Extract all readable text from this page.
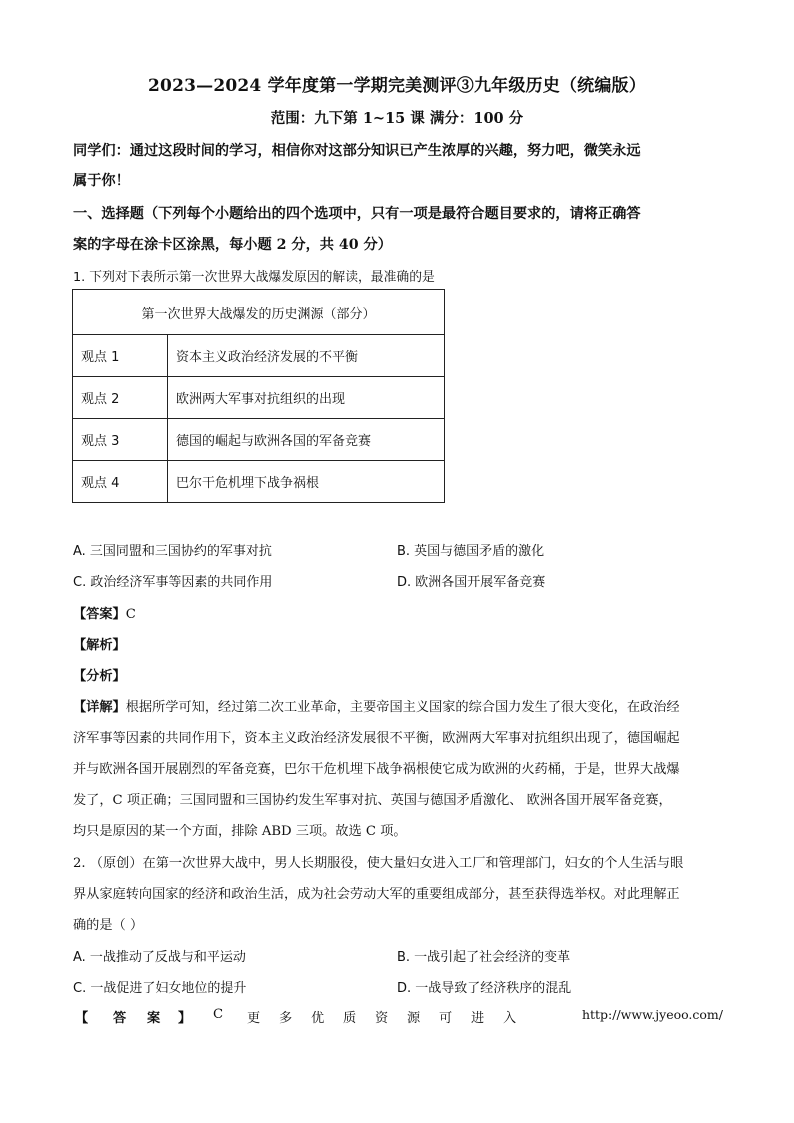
2023—2024 学年度第一学期完美测评③九年级历史（统编版）
范围：九下第 1~15 课 满分：100 分
同学们：通过这段时间的学习，相信你对这部分知识已产生浓厚的兴趣，努力吧，微笑永远
属于你！
一、选择题（下列每个小题给出的四个选项中，只有一项是最符合题目要求的，请将正确答
案的字母在涂卡区涂黑，每小题 2 分，共 40 分）
1. 下列对下表所示第一次世界大战爆发原因的解读，最准确的是
第一次世界大战爆发的历史渊源（部分）	
观点 1	资本主义政治经济发展的不平衡
观点 2	欧洲两大军事对抗组织的出现
观点 3	德国的崛起与欧洲各国的军备竞赛
观点 4	巴尔干危机埋下战争祸根
A. 三国同盟和三国协约的军事对抗	B. 英国与德国矛盾的激化
C. 政治经济军事等因素的共同作用	D. 欧洲各国开展军备竞赛
【答案】C
【解析】
【分析】
【详解】根据所学可知，经过第二次工业革命，主要帝国主义国家的综合国力发生了很大变化，在政治经
济军事等因素的共同作用下，资本主义政治经济发展很不平衡，欧洲两大军事对抗组织出现了，德国崛起
并与欧洲各国开展剧烈的军备竞赛，巴尔干危机埋下战争祸根使它成为欧洲的火药桶，于是，世界大战爆
发了，C 项正确；三国同盟和三国协约发生军事对抗、英国与德国矛盾激化、 欧洲各国开展军备竞赛，
均只是原因的某一个方面，排除 ABD 三项。故选 C 项。
2. （原创）在第一次世界大战中，男人长期服役，使大量妇女进入工厂和管理部门，妇女的个人生活与眼
界从家庭转向国家的经济和政治生活，成为社会劳动大军的重要组成部分，甚至获得选举权。对此理解正
确的是（ ）
A. 一战推动了反战与和平运动	B. 一战引起了社会经济的变革
C. 一战促进了妇女地位的提升	D. 一战导致了经济秩序的混乱
【 答 案 】 C 更 多 优 质 资 源 可 进 入	http://www.jyeoo.com/
